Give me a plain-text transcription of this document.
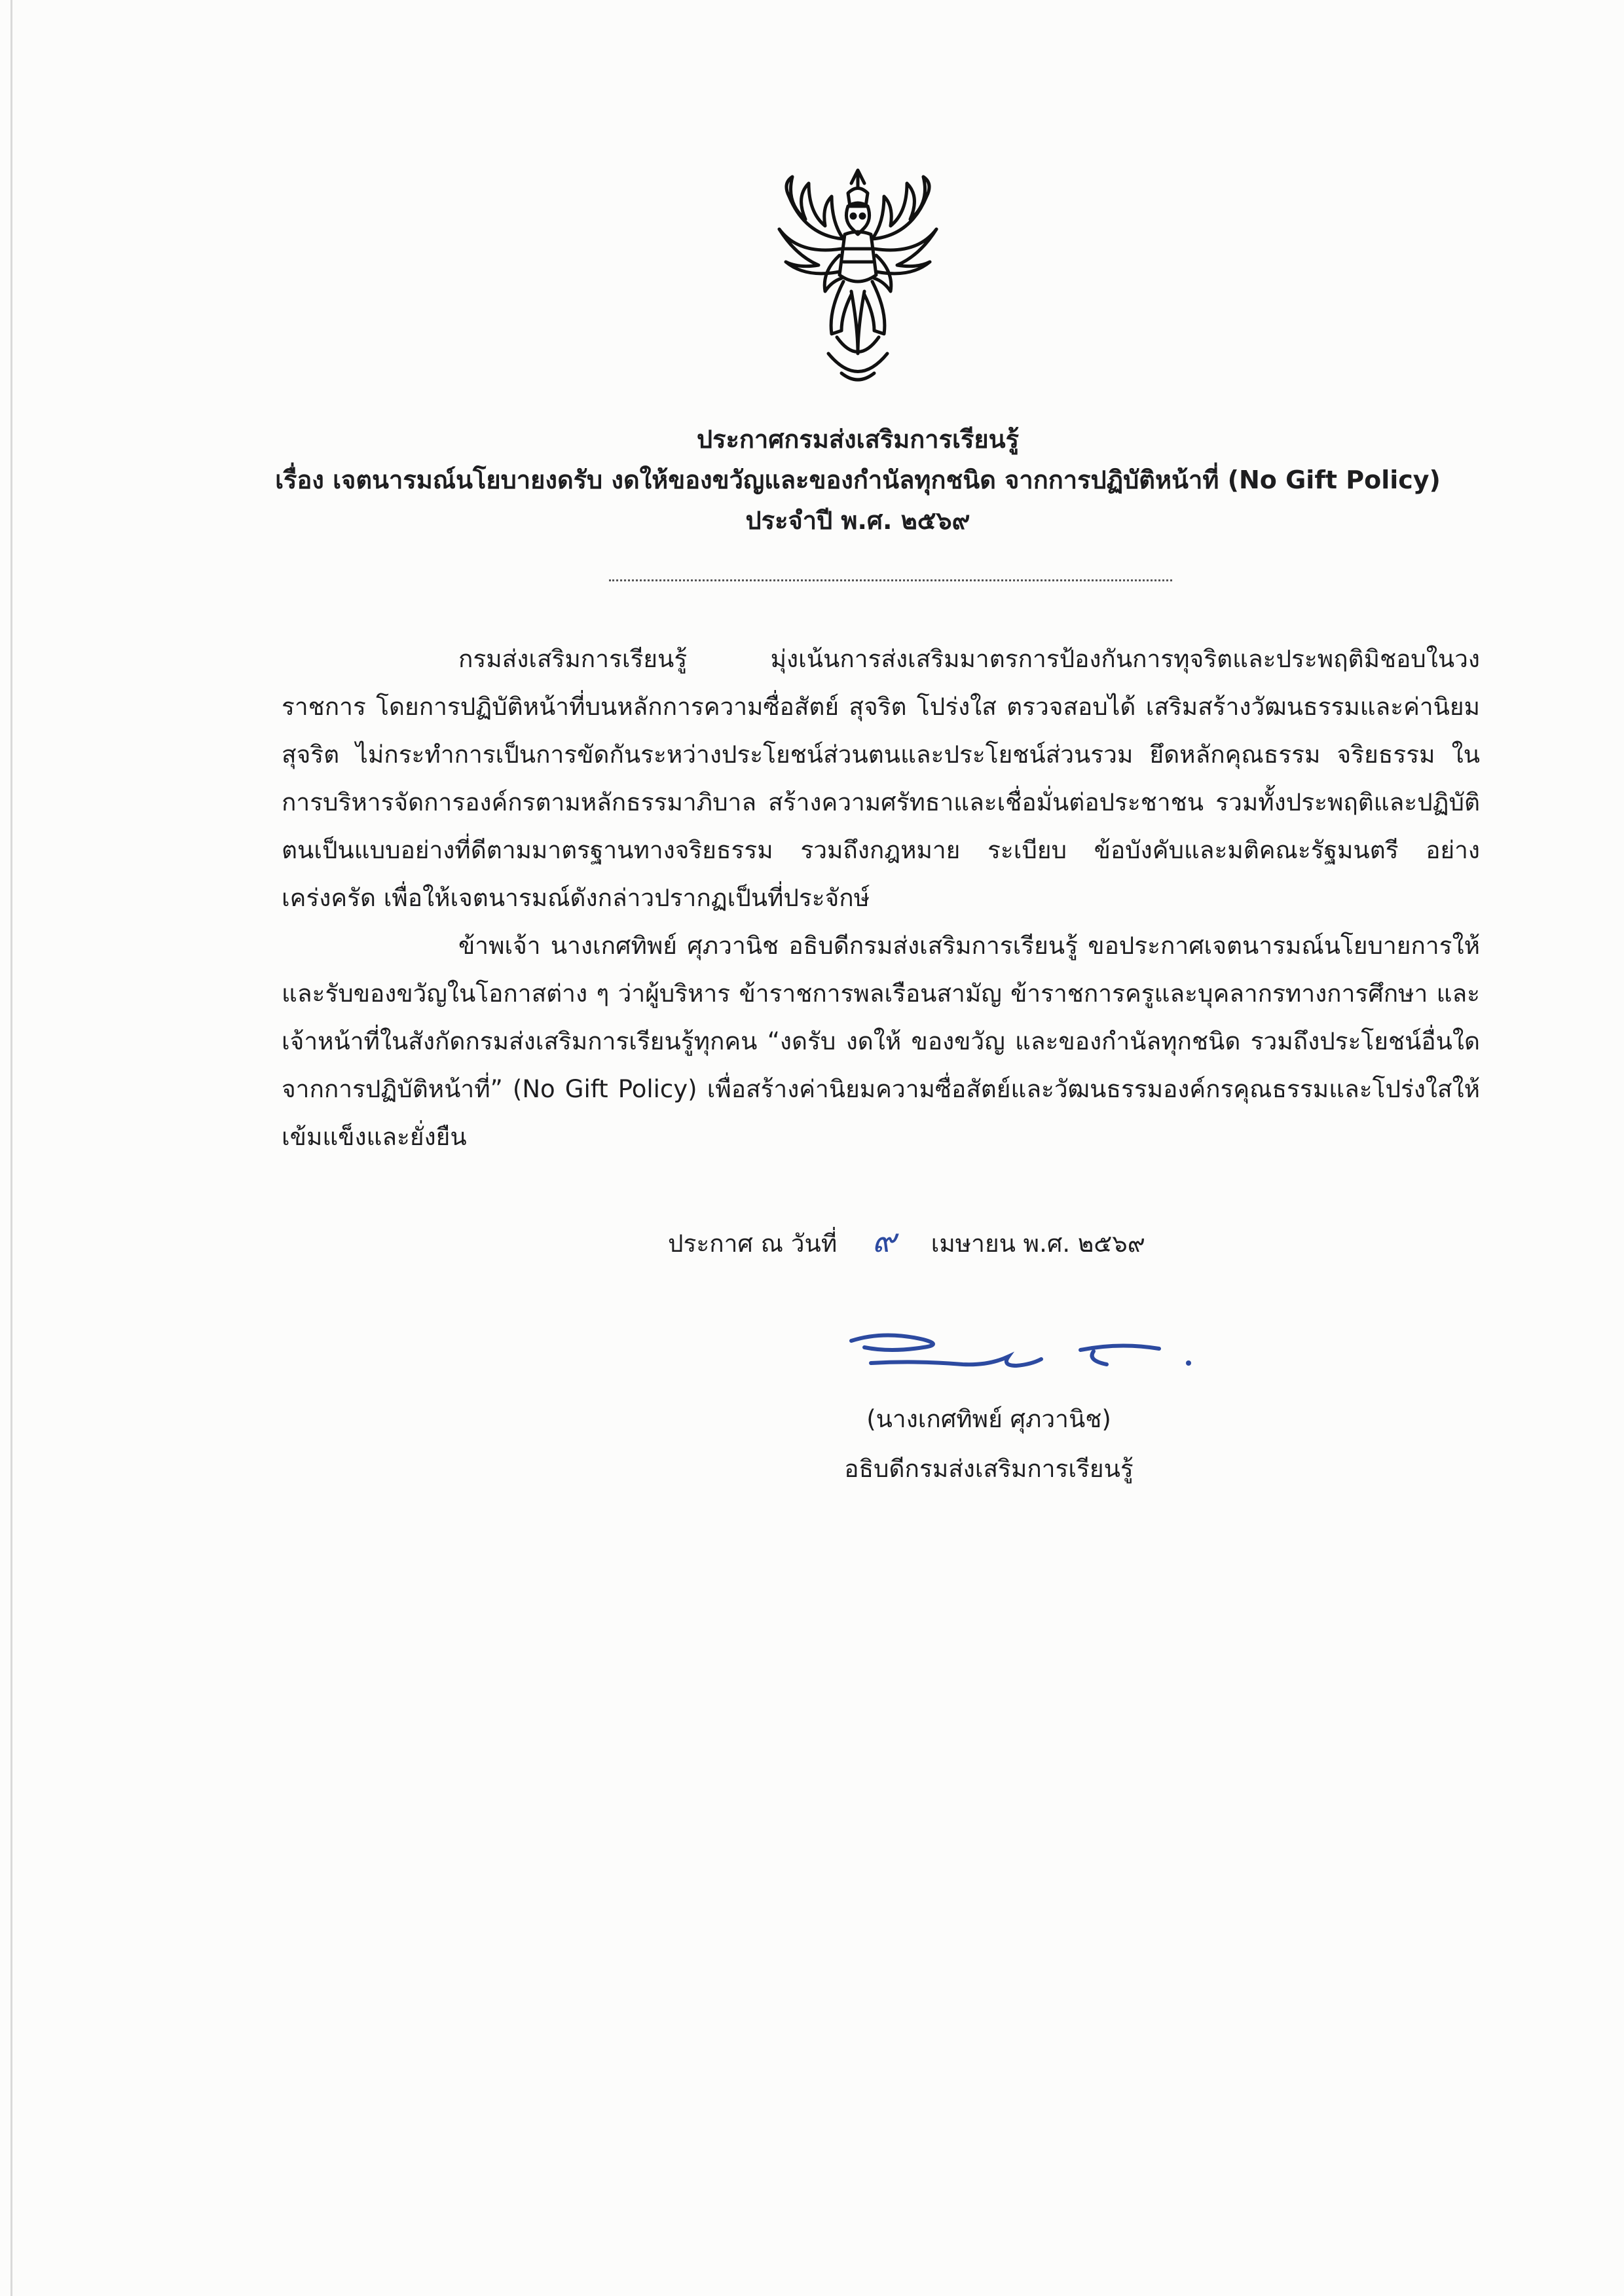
ประกาศกรมส่งเสริมการเรียนรู้
เรื่อง เจตนารมณ์นโยบายงดรับ งดให้ของขวัญและของกำนัลทุกชนิด จากการปฏิบัติหน้าที่ (No Gift Policy)
ประจำปี พ.ศ. ๒๕๖๙

กรมส่งเสริมการเรียนรู้ มุ่งเน้นการส่งเสริมมาตรการป้องกันการทุจริตและประพฤติมิชอบในวงราชการ โดยการปฏิบัติหน้าที่บนหลักการความซื่อสัตย์ สุจริต โปร่งใส ตรวจสอบได้ เสริมสร้างวัฒนธรรมและค่านิยมสุจริต ไม่กระทำการเป็นการขัดกันระหว่างประโยชน์ส่วนตนและประโยชน์ส่วนรวม ยึดหลักคุณธรรม จริยธรรม ในการบริหารจัดการองค์กรตามหลักธรรมาภิบาล สร้างความศรัทธาและเชื่อมั่นต่อประชาชน รวมทั้งประพฤติและปฏิบัติตนเป็นแบบอย่างที่ดีตามมาตรฐานทางจริยธรรม รวมถึงกฎหมาย ระเบียบ ข้อบังคับและมติคณะรัฐมนตรี อย่างเคร่งครัด เพื่อให้เจตนารมณ์ดังกล่าวปรากฏเป็นที่ประจักษ์

ข้าพเจ้า นางเกศทิพย์ ศุภวานิช อธิบดีกรมส่งเสริมการเรียนรู้ ขอประกาศเจตนารมณ์นโยบายการให้และรับของขวัญในโอกาสต่าง ๆ ว่าผู้บริหาร ข้าราชการพลเรือนสามัญ ข้าราชการครูและบุคลากรทางการศึกษา และเจ้าหน้าที่ในสังกัดกรมส่งเสริมการเรียนรู้ทุกคน “งดรับ งดให้ ของขวัญ และของกำนัลทุกชนิด รวมถึงประโยชน์อื่นใดจากการปฏิบัติหน้าที่” (No Gift Policy) เพื่อสร้างค่านิยมความซื่อสัตย์และวัฒนธรรมองค์กรคุณธรรมและโปร่งใสให้เข้มแข็งและยั่งยืน

ประกาศ ณ วันที่ ๙ เมษายน พ.ศ. ๒๕๖๙
(นางเกศทิพย์ ศุภวานิช)
อธิบดีกรมส่งเสริมการเรียนรู้
